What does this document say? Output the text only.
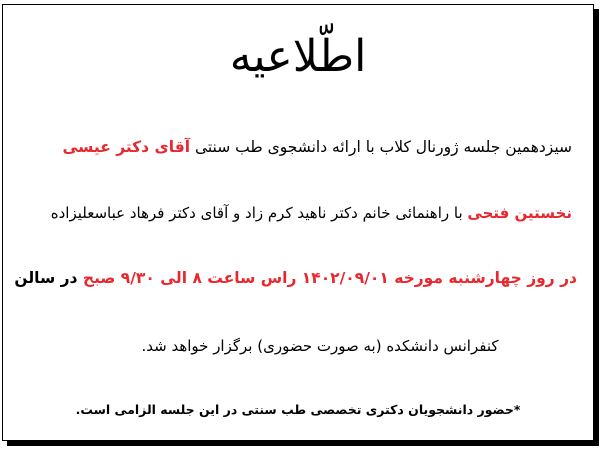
اطّلاعیه
سیزدهمین جلسه ژورنال کلاب با ارائه دانشجوی طب سنتی آقای دکتر عیسی
نخستین فتحی با راهنمائی خانم دکتر ناهید کرم زاد و آقای دکتر فرهاد عباسعلیزاده
در روز چهارشنبه مورخه ۱۴۰۲/۰۹/۰۱ راس ساعت ۸ الی ۹/۳۰ صبح در سالن
کنفرانس دانشکده (به صورت حضوری) برگزار خواهد شد.
*حضور دانشجویان دکتری تخصصی طب سنتی در این جلسه الزامی است.
